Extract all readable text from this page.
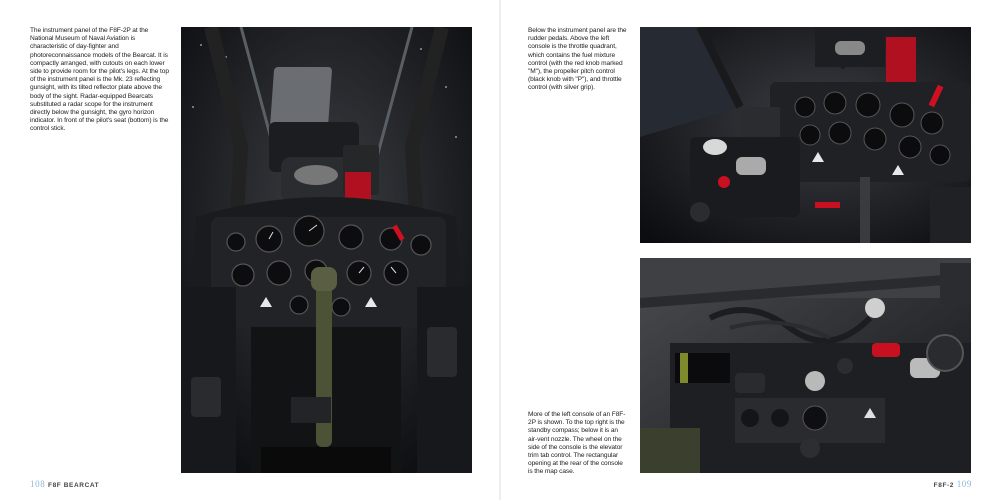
The instrument panel of the F8F-2P at the National Museum of Naval Aviation is characteristic of day-fighter and photoreconnaissance models of the Bearcat. It is compactly arranged, with cutouts on each lower side to provide room for the pilot's legs. At the top of the instrument panel is the Mk. 23 reflecting gunsight, with its tilted reflector plate above the body of the sight. Radar-equipped Bearcats substituted a radar scope for the instrument directly below the gunsight, the gyro horizon indicator. In front of the pilot's seat (bottom) is the control stick.
108 F8F BEARCAT
Below the instrument panel are the rudder pedals. Above the left console is the throttle quadrant, which contains the fuel mixture control (with the red knob marked "M"), the propeller pitch control (black knob with "P"), and throttle control (with silver grip).
More of the left console of an F8F-2P is shown. To the top right is the standby compass; below it is an air-vent nozzle. The wheel on the side of the console is the elevator trim tab control. The rectangular opening at the rear of the console is the map case.
F8F-2 109
